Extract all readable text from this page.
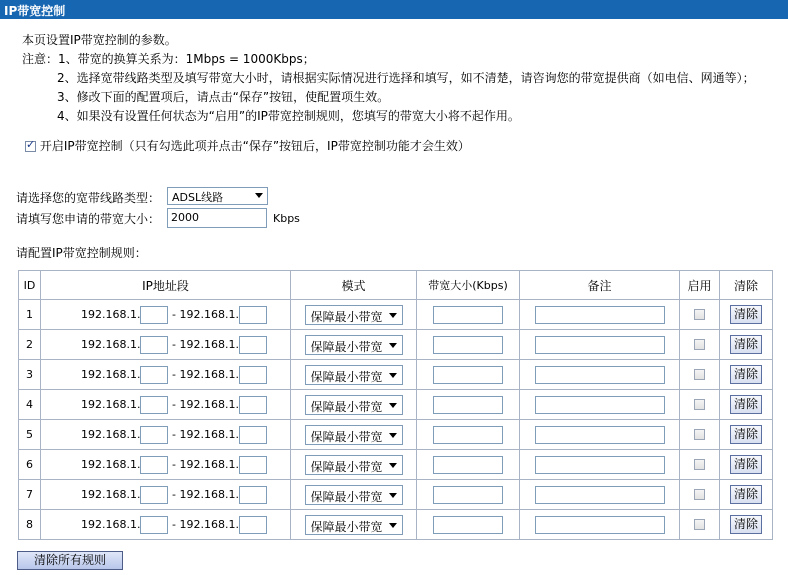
IP带宽控制
本页设置IP带宽控制的参数。
注意：1、带宽的换算关系为：1Mbps = 1000Kbps；
2、选择宽带线路类型及填写带宽大小时，请根据实际情况进行选择和填写，如不清楚，请咨询您的带宽提供商（如电信、网通等）；
3、修改下面的配置项后，请点击“保存”按钮，使配置项生效。
4、如果没有设置任何状态为“启用”的IP带宽控制规则，您填写的带宽大小将不起作用。
✓ 开启IP带宽控制（只有勾选此项并点击“保存”按钮后，IP带宽控制功能才会生效）
请选择您的宽带线路类型： ADSL线路
请填写您申请的带宽大小： 2000	Kbps
请配置IP带宽控制规则：
ID	IP地址段	模式	带宽大小(Kbps)	备注	启用	清除
1	192.168.1. - 192.168.1.	保障最小带宽				清除
2	192.168.1. - 192.168.1.	保障最小带宽				清除
3	192.168.1. - 192.168.1.	保障最小带宽				清除
4	192.168.1. - 192.168.1.	保障最小带宽				清除
5	192.168.1. - 192.168.1.	保障最小带宽				清除
6	192.168.1. - 192.168.1.	保障最小带宽				清除
7	192.168.1. - 192.168.1.	保障最小带宽				清除
8	192.168.1. - 192.168.1.	保障最小带宽				清除
清除所有规则
